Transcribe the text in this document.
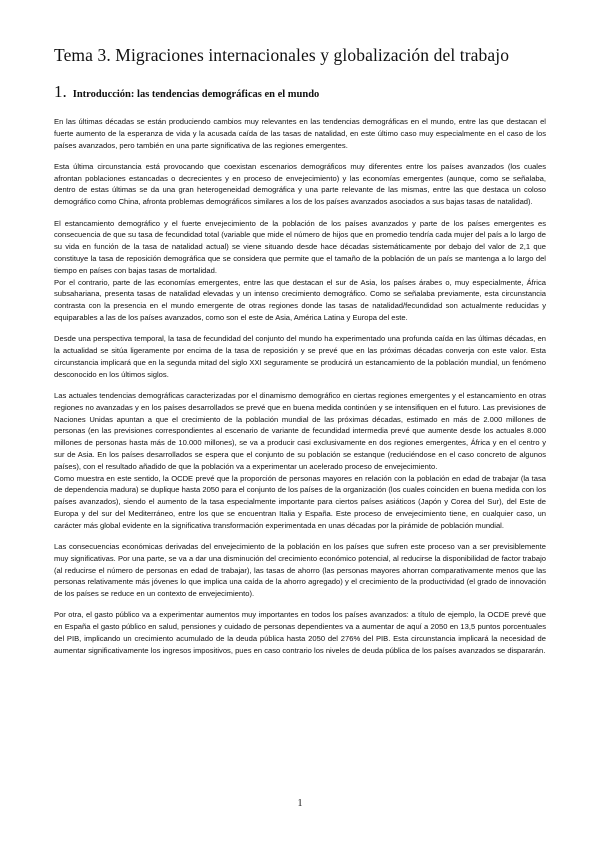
Tema 3. Migraciones internacionales y globalización del trabajo
1. Introducción: las tendencias demográficas en el mundo

En las últimas décadas se están produciendo cambios muy relevantes en las tendencias demográficas en el mundo, entre las que destacan el fuerte aumento de la esperanza de vida y la acusada caída de las tasas de natalidad, en este último caso muy especialmente en el caso de los países avanzados, pero también en una parte significativa de las regiones emergentes.

Esta última circunstancia está provocando que coexistan escenarios demográficos muy diferentes entre los países avanzados (los cuales afrontan poblaciones estancadas o decrecientes y en proceso de envejecimiento) y las economías emergentes (aunque, como se señalaba, dentro de estas últimas se da una gran heterogeneidad demográfica y una parte relevante de las mismas, entre las que destaca un coloso demográfico como China, afronta problemas demográficos similares a los de los países avanzados asociados a sus bajas tasas de natalidad).

El estancamiento demográfico y el fuerte envejecimiento de la población de los países avanzados y parte de los países emergentes es consecuencia de que su tasa de fecundidad total (variable que mide el número de hijos que en promedio tendría cada mujer del país a lo largo de su vida en función de la tasa de natalidad actual) se viene situando desde hace décadas sistemáticamente por debajo del valor de 2,1 que constituye la tasa de reposición demográfica que se considera que permite que el tamaño de la población de un país se mantenga a lo largo del tiempo en países con bajas tasas de mortalidad.

Por el contrario, parte de las economías emergentes, entre las que destacan el sur de Asia, los países árabes o, muy especialmente, África subsahariana, presenta tasas de natalidad elevadas y un intenso crecimiento demográfico. Como se señalaba previamente, esta circunstancia contrasta con la presencia en el mundo emergente de otras regiones donde las tasas de natalidad/fecundidad son actualmente reducidas y equiparables a las de los países avanzados, como son el este de Asia, América Latina y Europa del este.

Desde una perspectiva temporal, la tasa de fecundidad del conjunto del mundo ha experimentado una profunda caída en las últimas décadas, en la actualidad se sitúa ligeramente por encima de la tasa de reposición y se prevé que en las próximas décadas converja con este valor. Esta circunstancia implicará que en la segunda mitad del siglo XXI seguramente se producirá un estancamiento de la población mundial, un fenómeno desconocido en los últimos siglos.

Las actuales tendencias demográficas caracterizadas por el dinamismo demográfico en ciertas regiones emergentes y el estancamiento en otras regiones no avanzadas y en los países desarrollados se prevé que en buena medida continúen y se intensifiquen en el futuro. Las previsiones de Naciones Unidas apuntan a que el crecimiento de la población mundial de las próximas décadas, estimado en más de 2.000 millones de personas (en las previsiones correspondientes al escenario de variante de fecundidad intermedia prevé que aumente desde los actuales 8.000 millones de personas hasta más de 10.000 millones), se va a producir casi exclusivamente en dos regiones emergentes, África y en el centro y sur de Asia. En los países desarrollados se espera que el conjunto de su población se estanque (reduciéndose en el caso concreto de algunos países), con el resultado añadido de que la población va a experimentar un acelerado proceso de envejecimiento.

Como muestra en este sentido, la OCDE prevé que la proporción de personas mayores en relación con la población en edad de trabajar (la tasa de dependencia madura) se duplique hasta 2050 para el conjunto de los países de la organización (los cuales coinciden en buena medida con los países avanzados), siendo el aumento de la tasa especialmente importante para ciertos países asiáticos (Japón y Corea del Sur), del Este de Europa y del sur del Mediterráneo, entre los que se encuentran Italia y España. Este proceso de envejecimiento tiene, en cualquier caso, un carácter más global evidente en la significativa transformación experimentada en unas décadas por la pirámide de población mundial.

Las consecuencias económicas derivadas del envejecimiento de la población en los países que sufren este proceso van a ser previsiblemente muy significativas. Por una parte, se va a dar una disminución del crecimiento económico potencial, al reducirse la disponibilidad de factor trabajo (al reducirse el número de personas en edad de trabajar), las tasas de ahorro (las personas mayores ahorran comparativamente menos que las personas relativamente más jóvenes lo que implica una caída de la ahorro agregado) y el crecimiento de la productividad (el grado de innovación de los países se reduce en un contexto de envejecimiento).

Por otra, el gasto público va a experimentar aumentos muy importantes en todos los países avanzados: a título de ejemplo, la OCDE prevé que en España el gasto público en salud, pensiones y cuidado de personas dependientes va a aumentar de aquí a 2050 en 13,5 puntos porcentuales del PIB, implicando un crecimiento acumulado de la deuda pública hasta 2050 del 276% del PIB. Esta circunstancia implicará la necesidad de aumentar significativamente los ingresos impositivos, pues en caso contrario los niveles de deuda pública de los países avanzados se dispararán.

1
